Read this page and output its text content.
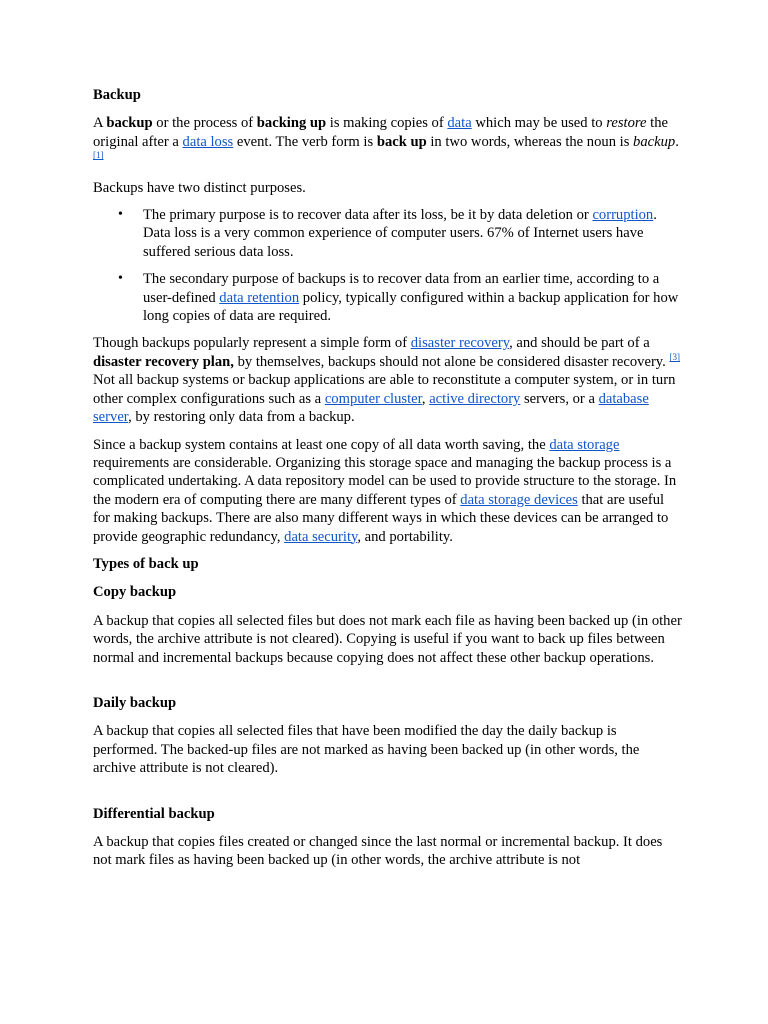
Backup

A backup or the process of backing up is making copies of data which may be used to restore the original after a data loss event. The verb form is back up in two words, whereas the noun is backup.[1]

Backups have two distinct purposes.

• The primary purpose is to recover data after its loss, be it by data deletion or corruption. Data loss is a very common experience of computer users. 67% of Internet users have suffered serious data loss.
• The secondary purpose of backups is to recover data from an earlier time, according to a user-defined data retention policy, typically configured within a backup application for how long copies of data are required.

Though backups popularly represent a simple form of disaster recovery, and should be part of a disaster recovery plan, by themselves, backups should not alone be considered disaster recovery. [3] Not all backup systems or backup applications are able to reconstitute a computer system, or in turn other complex configurations such as a computer cluster, active directory servers, or a database server, by restoring only data from a backup.

Since a backup system contains at least one copy of all data worth saving, the data storage requirements are considerable. Organizing this storage space and managing the backup process is a complicated undertaking. A data repository model can be used to provide structure to the storage. In the modern era of computing there are many different types of data storage devices that are useful for making backups. There are also many different ways in which these devices can be arranged to provide geographic redundancy, data security, and portability.

Types of back up

Copy backup

A backup that copies all selected files but does not mark each file as having been backed up (in other words, the archive attribute is not cleared). Copying is useful if you want to back up files between normal and incremental backups because copying does not affect these other backup operations.

Daily backup

A backup that copies all selected files that have been modified the day the daily backup is performed. The backed-up files are not marked as having been backed up (in other words, the archive attribute is not cleared).

Differential backup

A backup that copies files created or changed since the last normal or incremental backup. It does not mark files as having been backed up (in other words, the archive attribute is not
